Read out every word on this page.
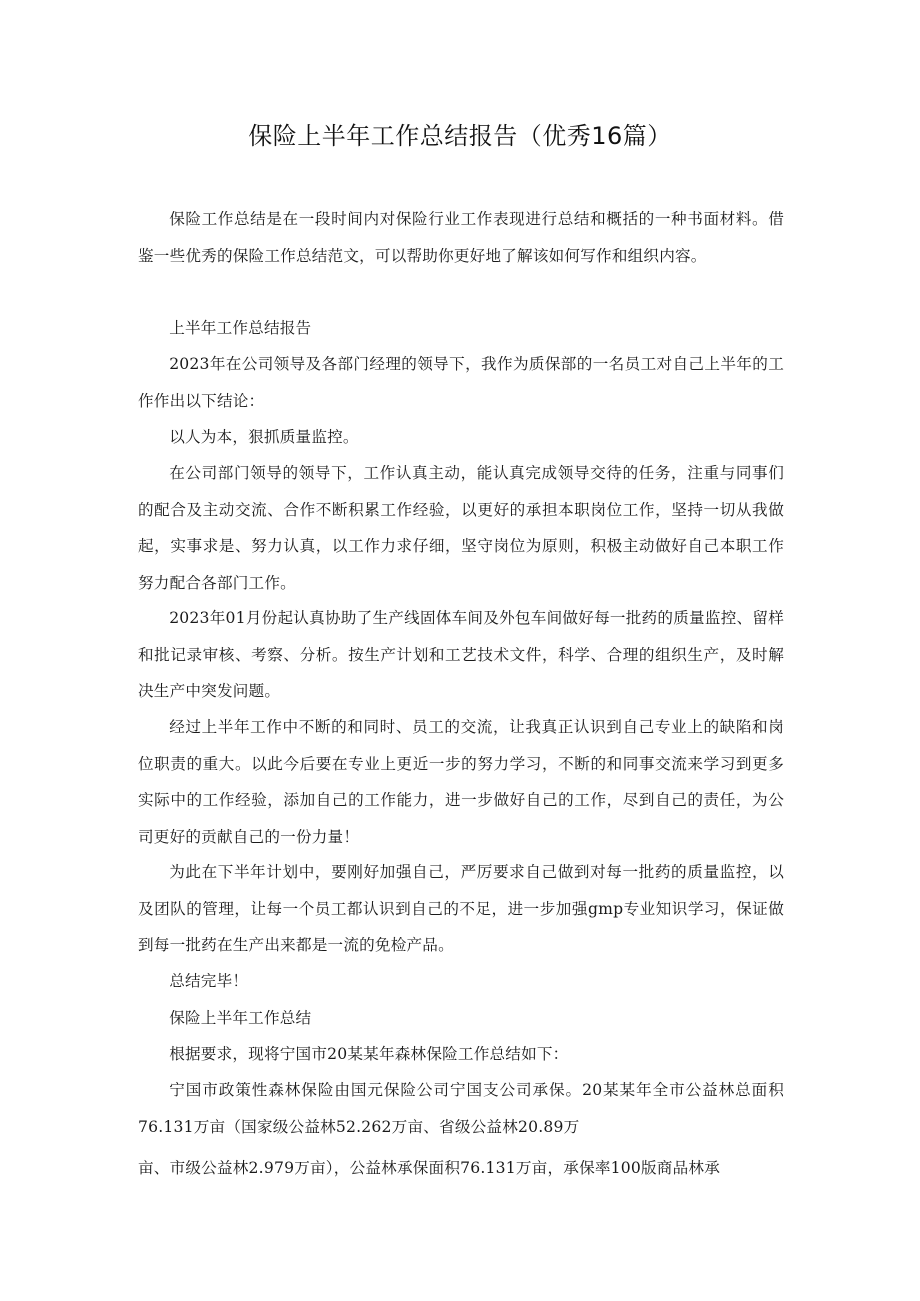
保险上半年工作总结报告（优秀16篇）

保险工作总结是在一段时间内对保险行业工作表现进行总结和概括的一种书面材料。借鉴一些优秀的保险工作总结范文，可以帮助你更好地了解该如何写作和组织内容。

上半年工作总结报告

2023年在公司领导及各部门经理的领导下，我作为质保部的一名员工对自己上半年的工作作出以下结论：

以人为本，狠抓质量监控。

在公司部门领导的领导下，工作认真主动，能认真完成领导交待的任务，注重与同事们的配合及主动交流、合作不断积累工作经验，以更好的承担本职岗位工作，坚持一切从我做起，实事求是、努力认真，以工作力求仔细，坚守岗位为原则，积极主动做好自己本职工作努力配合各部门工作。

2023年01月份起认真协助了生产线固体车间及外包车间做好每一批药的质量监控、留样和批记录审核、考察、分析。按生产计划和工艺技术文件，科学、合理的组织生产，及时解决生产中突发问题。

经过上半年工作中不断的和同时、员工的交流，让我真正认识到自己专业上的缺陷和岗位职责的重大。以此今后要在专业上更近一步的努力学习，不断的和同事交流来学习到更多实际中的工作经验，添加自己的工作能力，进一步做好自己的工作，尽到自己的责任，为公司更好的贡献自己的一份力量！

为此在下半年计划中，要刚好加强自己，严厉要求自己做到对每一批药的质量监控，以及团队的管理，让每一个员工都认识到自己的不足，进一步加强gmp专业知识学习，保证做到每一批药在生产出来都是一流的免检产品。

总结完毕！

保险上半年工作总结

根据要求，现将宁国市20某某年森林保险工作总结如下：

宁国市政策性森林保险由国元保险公司宁国支公司承保。20某某年全市公益林总面积76.131万亩（国家级公益林52.262万亩、省级公益林20.89万

亩、市级公益林2.979万亩），公益林承保面积76.131万亩，承保率100版商品林承
